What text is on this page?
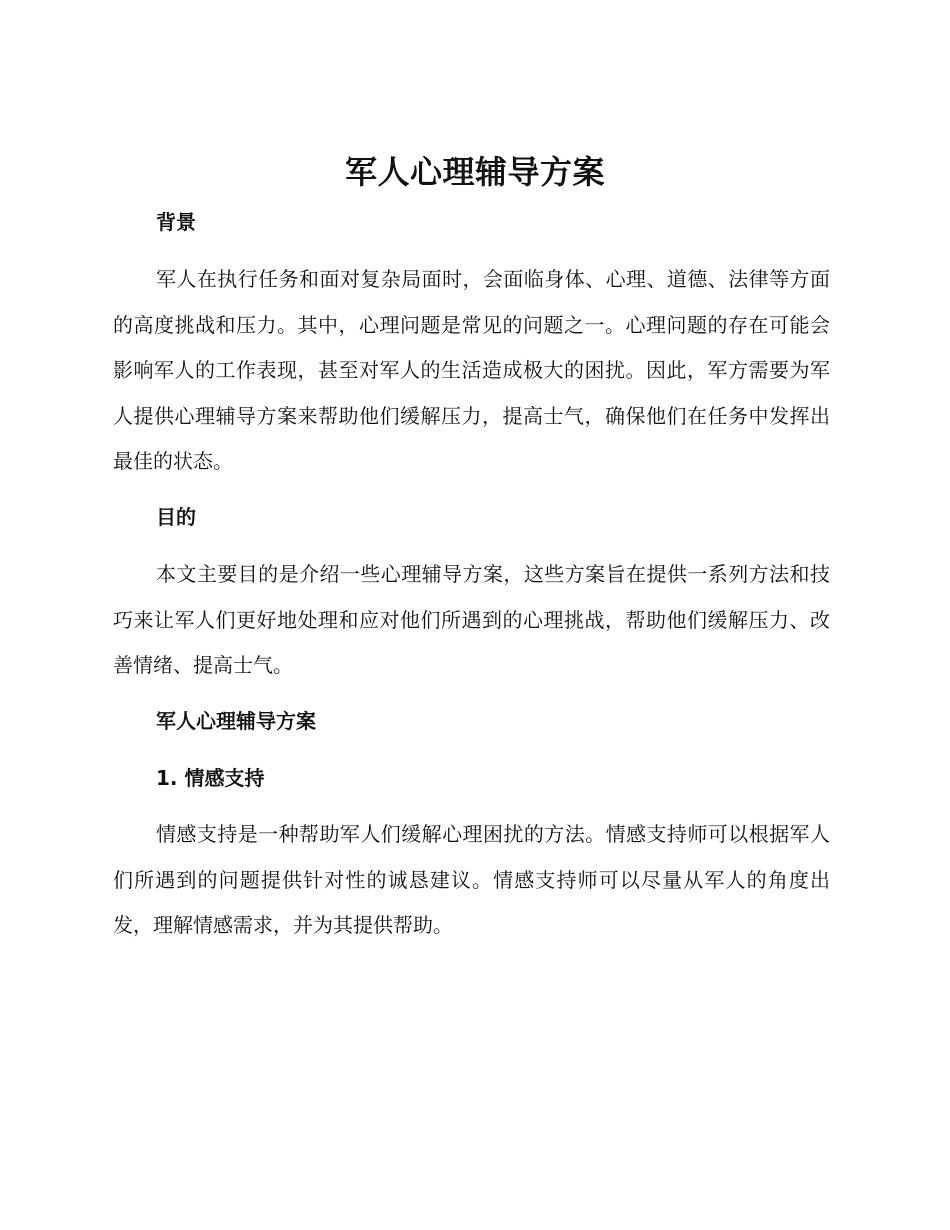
军人心理辅导方案
背景

军人在执行任务和面对复杂局面时，会面临身体、心理、道德、法律等方面的高度挑战和压力。其中，心理问题是常见的问题之一。心理问题的存在可能会影响军人的工作表现，甚至对军人的生活造成极大的困扰。因此，军方需要为军人提供心理辅导方案来帮助他们缓解压力，提高士气，确保他们在任务中发挥出最佳的状态。

目的

本文主要目的是介绍一些心理辅导方案，这些方案旨在提供一系列方法和技巧来让军人们更好地处理和应对他们所遇到的心理挑战，帮助他们缓解压力、改善情绪、提高士气。

军人心理辅导方案
1. 情感支持

情感支持是一种帮助军人们缓解心理困扰的方法。情感支持师可以根据军人们所遇到的问题提供针对性的诚恳建议。情感支持师可以尽量从军人的角度出发，理解情感需求，并为其提供帮助。
